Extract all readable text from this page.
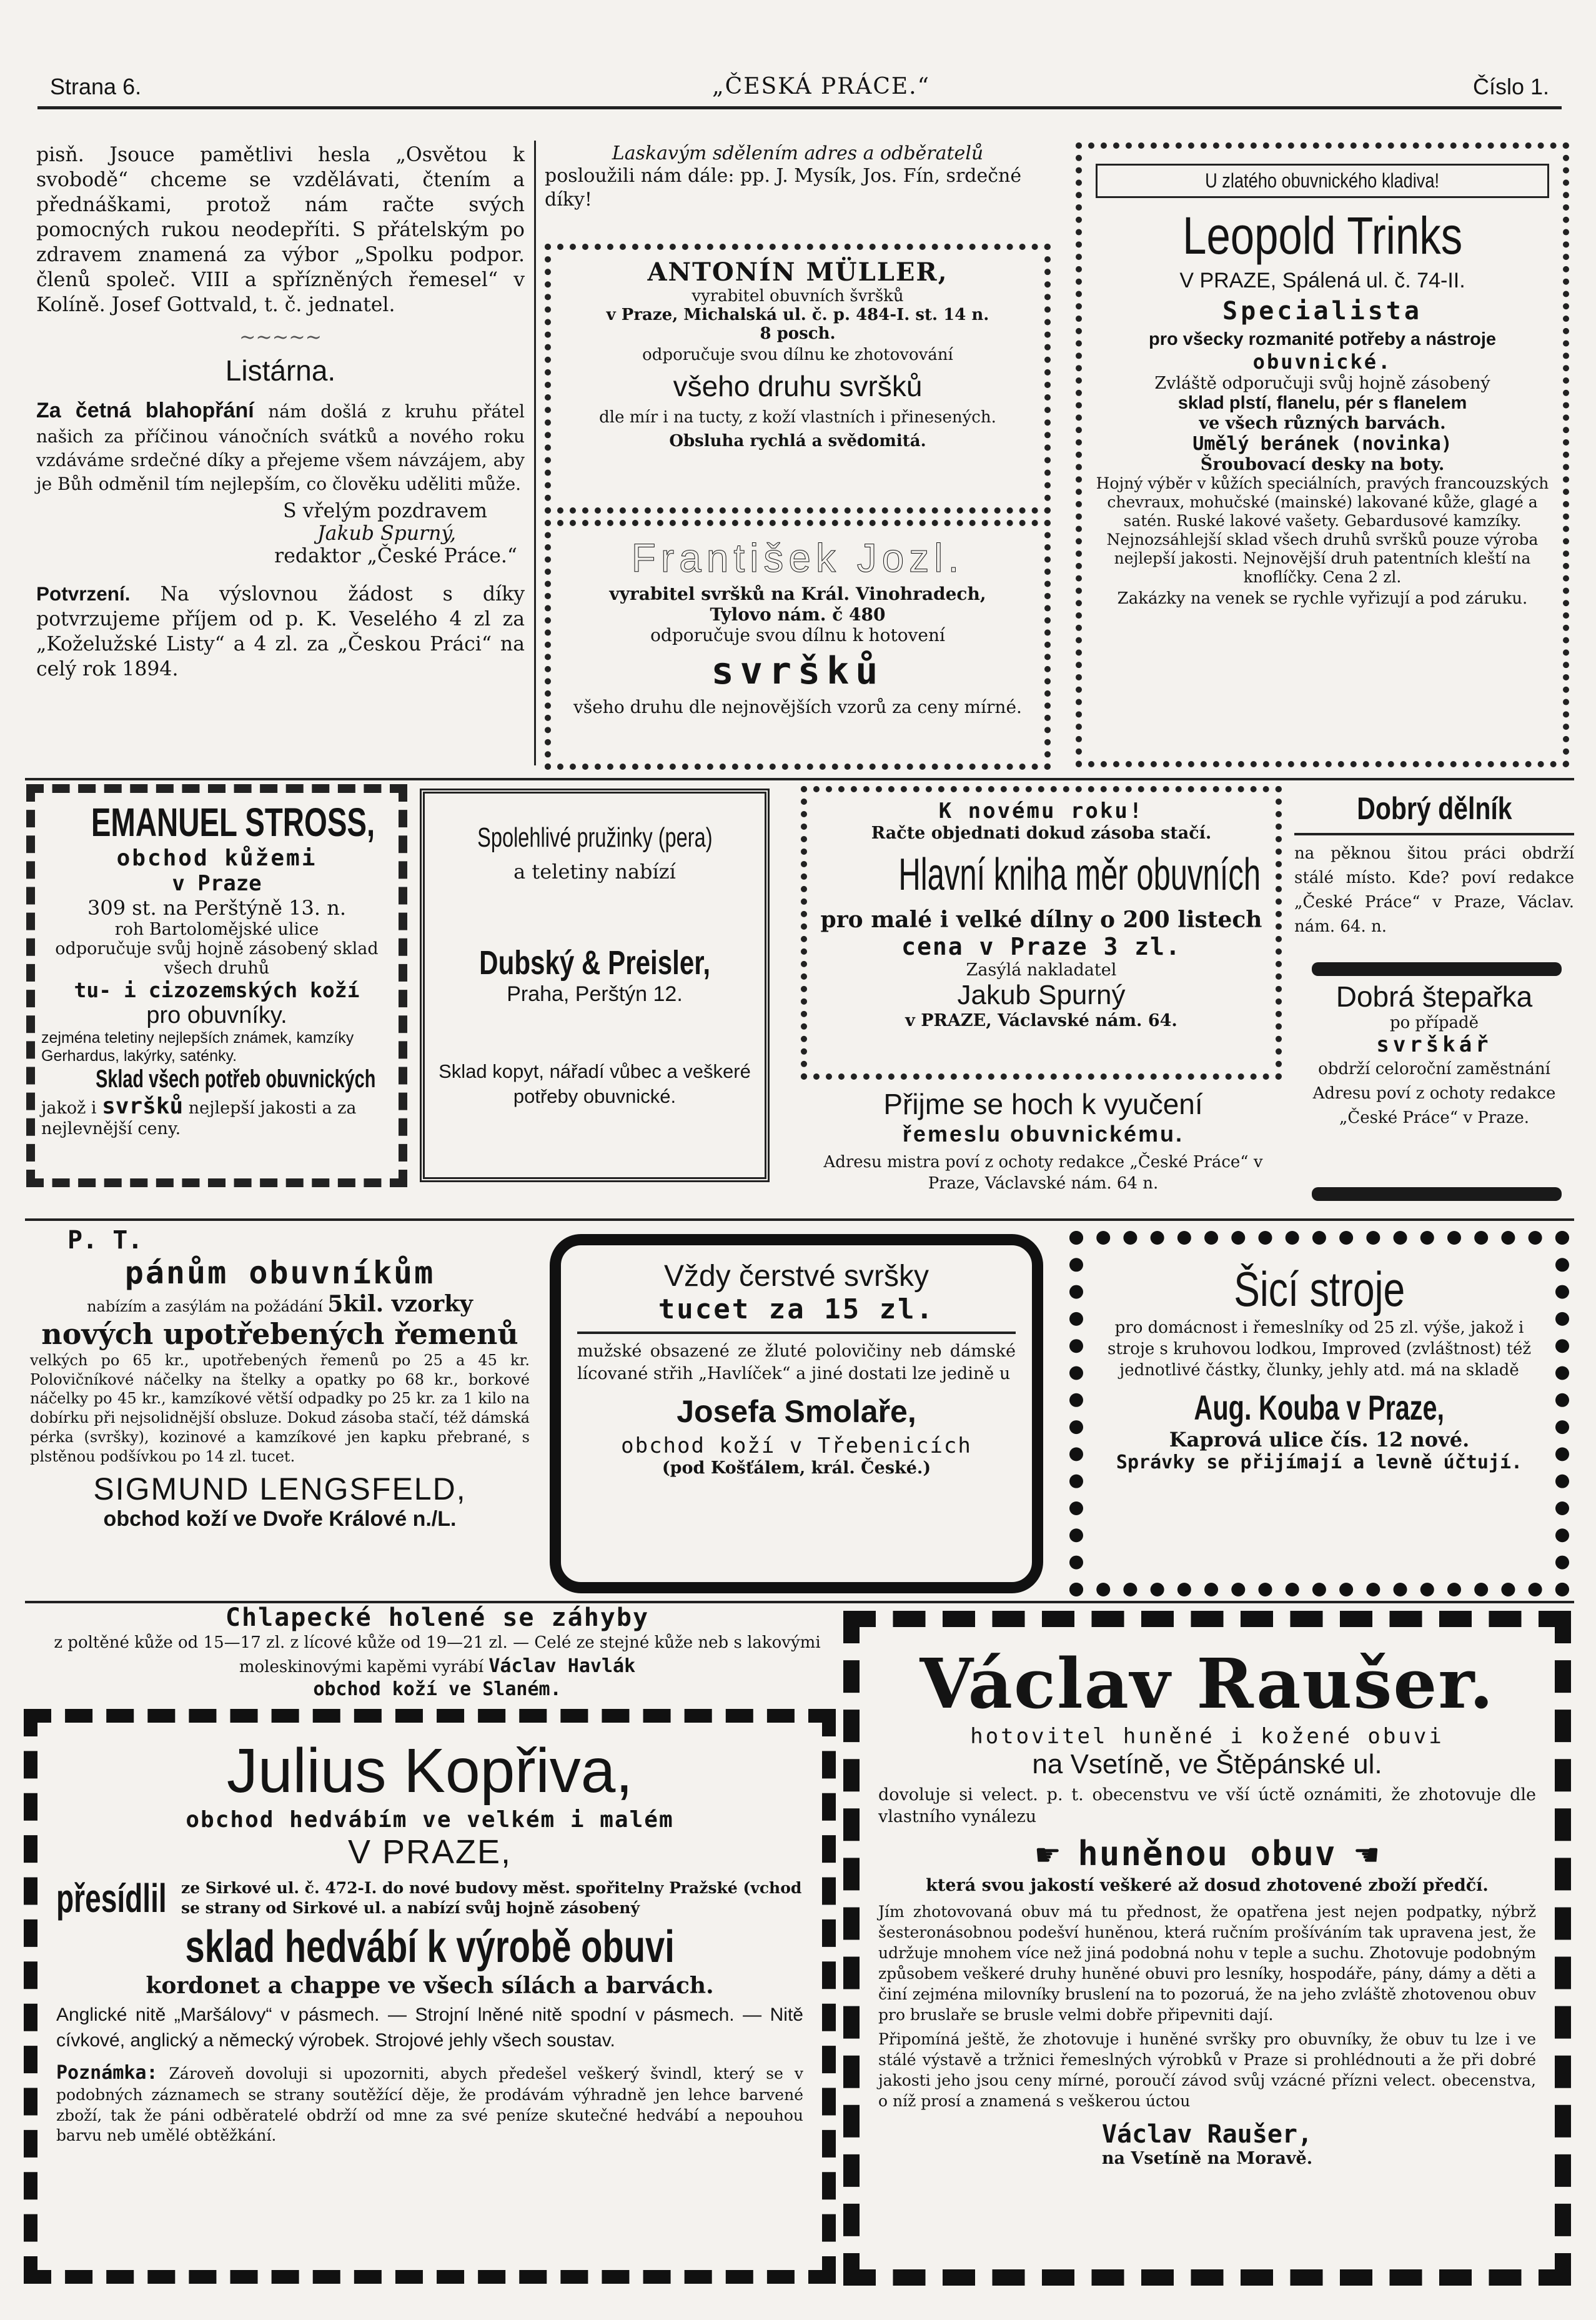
Strana 6.	„ČESKÁ PRÁCE.“	Číslo 1.

pisň. Jsouce pamětlivi hesla „Osvětou k svobodě“ chceme se vzdělávati, čtením a přednáškami, protož nám račte svých pomocných rukou neodepříti. S přátelským po zdravem znamená za výbor „Spolku podpor. členů společ. VIII a spřízněných řemesel“ v Kolíně. Josef Gottvald, t. č. jednatel.

~~~~~
Listárna.

Za četná blahopřání nám došlá z kruhu přátel našich za příčinou vánočních svátků a nového roku vzdáváme srdečné díky a přejeme všem návzájem, aby je Bůh odměnil tím nejlepším, co člověku uděliti může.

S vřelým pozdravem
Jakub Spurný,
redaktor „České Práce.“

Potvrzení. Na výslovnou žádost s díky potvrzujeme příjem od p. K. Veselého 4 zl za „Koželužské Listy“ a 4 zl. za „Českou Práci“ na celý rok 1894.

Laskavým sdělením adres a odběratelů
posloužili nám dále: pp. J. Mysík, Jos. Fín, srdečné díky!
ANTONÍN MÜLLER,
vyrabitel obuvních švršků
v Praze, Michalská ul. č. p. 484-I. st. 14 n.
8 posch.
odporučuje svou dílnu ke zhotovování
všeho druhu svršků
dle mír i na tucty, z koží vlastních i přinesených.
Obsluha rychlá a svědomitá.
František Jozl.
vyrabitel svršků na Král. Vinohradech,
Tylovo nám. č 480
odporučuje svou dílnu k hotovení
svršků
všeho druhu dle nejnovějších vzorů za ceny mírné.
U zlatého obuvnického kladiva!
Leopold Trinks
V PRAZE, Spálená ul. č. 74-II.
Specialista
pro všecky rozmanité potřeby a nástroje
obuvnické.
Zvláště odporučuji svůj hojně zásobený
sklad plstí, flanelu, pér s flanelem
ve všech různých barvách.
Umělý beránek (novinka)
Šroubovací desky na boty.
Hojný výběr v kůžích speciálních, pravých francouzských chevraux, mohučské (mainské) lakované kůže, glagé a satén. Ruské lakové vašety. Gebardusové kamzíky. Nejnozsáhlejší sklad všech druhů svršků pouze výroba nejlepší jakosti. Nejnovější druh patentních kleští na knoflíčky. Cena 2 zl.
Zakázky na venek se rychle vyřizují a pod záruku.
EMANUEL STROSS,
obchod kůžemi
v Praze
309 st. na Perštýně 13. n.
roh Bartolomějské ulice
odporučuje svůj hojně zásobený sklad všech druhů
tu- i cizozemských koží
pro obuvníky.
zejména teletiny nejlepších známek, kamzíky Gerhardus, lakýrky, saténky.
Sklad všech potřeb obuvnických
jakož i svršků nejlepší jakosti a za nejlevnější ceny.
Spolehlivé pružinky (pera)
a teletiny nabízí
Dubský & Preisler,
Praha, Perštýn 12.
Sklad kopyt, nářadí vůbec a veškeré potřeby obuvnické.
K novému roku!
Račte objednati dokud zásoba stačí.
Hlavní kniha měr obuvních
pro malé i velké dílny o 200 listech
cena v Praze 3 zl.
Zasýlá nakladatel
Jakub Spurný
v PRAZE, Václavské nám. 64.
Přijme se hoch k vyučení
řemeslu obuvnickému.
Adresu mistra poví z ochoty redakce „České Práce“ v Praze, Václavské nám. 64 n.
Dobrý dělník
na pěknou šitou práci obdrží stálé místo. Kde? poví redakce „České Práce“ v Praze, Václav. nám. 64. n.
Dobrá štepařka
po případě
svrškář
obdrží celoroční zaměstnání Adresu poví z ochoty redakce „České Práce“ v Praze.
P. T.
pánům obuvníkům
nabízím a zasýlám na požádání 5kil. vzorky
nových upotřebených řemenů
velkých po 65 kr., upotřebených řemenů po 25 a 45 kr. Polovičníkové náčelky na štelky a opatky po 68 kr., borkové náčelky po 45 kr., kamzíkové větší odpadky po 25 kr. za 1 kilo na dobírku při nejsolidnější obsluze. Dokud zásoba stačí, též dámská pérka (svršky), kozinové a kamzíkové jen kapku přebrané, s plstěnou podšívkou po 14 zl. tucet.
SIGMUND LENGSFELD,
obchod koží ve Dvoře Králové n./L.
Vždy čerstvé svršky
tucet za 15 zl.
mužské obsazené ze žluté polovičiny neb dámské lícované střih „Havlíček“ a jiné dostati lze jedině u
Josefa Smolaře,
obchod koží v Třebenicích
(pod Košťálem, král. České.)
Šicí stroje
pro domácnost i řemeslníky od 25 zl. výše, jakož i stroje s kruhovou lodkou, Improved (zvláštnost) též jednotlivé částky, člunky, jehly atd. má na skladě
Aug. Kouba v Praze,
Kaprová ulice čís. 12 nové.
Správky se přijímají a levně účtují.
Chlapecké holené se záhyby
z poltěné kůže od 15—17 zl. z lícové kůže od 19—21 zl. — Celé ze stejné kůže neb s lakovými moleskinovými kapěmi vyrábí Václav Havlák
obchod koží ve Slaném.
Julius Kopřiva,
obchod hedvábím ve velkém i malém
V PRAZE,
přesídlil ze Sirkové ul. č. 472-I. do nové budovy měst. spořitelny Pražské (vchod se strany od Sirkové ul. a nabízí svůj hojně zásobený
sklad hedvábí k výrobě obuvi
kordonet a chappe ve všech sílách a barvách.
Anglické nitě „Maršálovy“ v pásmech. — Strojní lněné nitě spodní v pásmech. — Nitě cívkové, anglický a německý výrobek. Strojové jehly všech soustav.
Poznámka: Zároveň dovoluji si upozorniti, abych předešel veškerý švindl, který se v podobných záznamech se strany soutěžící děje, že prodávám výhradně jen lehce barvené zboží, tak že páni odběratelé obdrží od mne za své peníze skutečné hedvábí a nepouhou barvu neb umělé obtěžkání.
Václav Raušer.
hotovitel huněné i kožené obuvi
na Vsetíně, ve Štěpánské ul.
dovoluje si velect. p. t. obecenstvu ve vší úctě oznámiti, že zhotovuje dle vlastního vynálezu
☛ huněnou obuv ☚
která svou jakostí veškeré až dosud zhotovené zboží předčí.
Jím zhotovovaná obuv má tu přednost, že opatřena jest nejen podpatky, nýbrž šesteronásobnou podešví huněnou, která ručním prošíváním tak upravena jest, že udržuje mnohem více než jiná podobná nohu v teple a suchu. Zhotovuje podobným způsobem veškeré druhy huněné obuvi pro lesníky, hospodáře, pány, dámy a děti a činí zejména milovníky bruslení na to pozoruá, že na jeho zvláště zhotovenou obuv pro bruslaře se brusle velmi dobře připevniti dají.
Připomíná ještě, že zhotovuje i huněné svršky pro obuvníky, že obuv tu lze i ve stálé výstavě a tržnici řemeslných výrobků v Praze si prohlédnouti a že při dobré jakosti jeho jsou ceny mírné, poroučí závod svůj vzácné přízni velect. obecenstva, o níž prosí a znamená s veškerou úctou
Václav Raušer,
na Vsetíně na Moravě.
